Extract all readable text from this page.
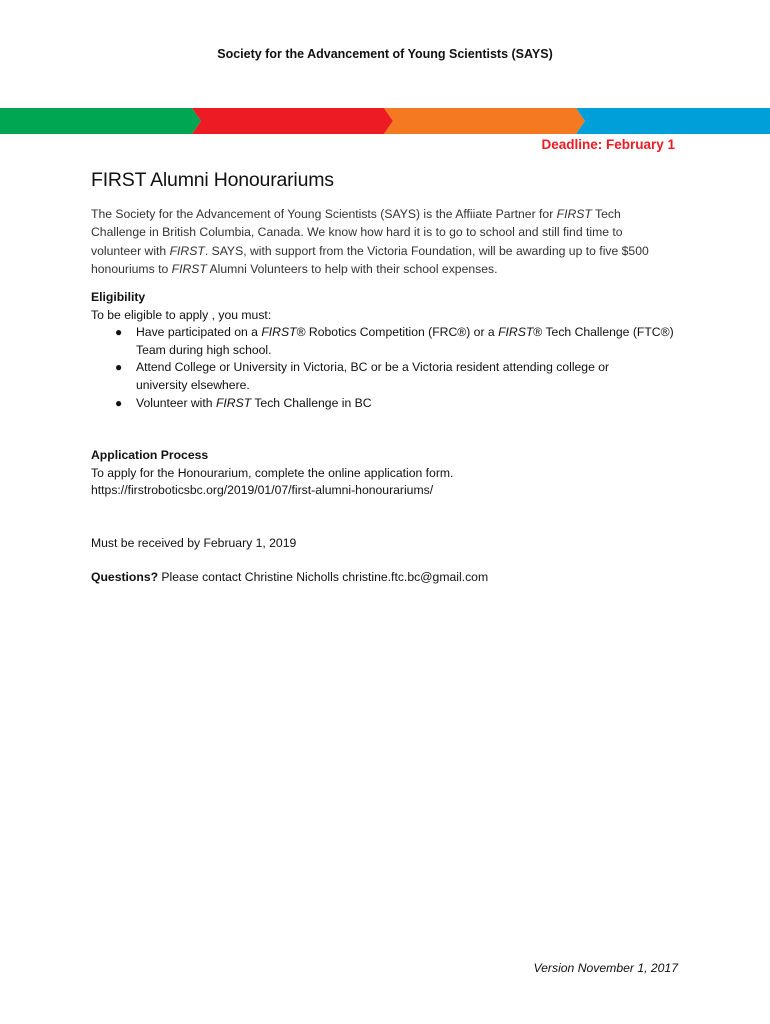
Society for the Advancement of Young Scientists (SAYS)
Deadline: February 1
FIRST Alumni Honourariums
The Society for the Advancement of Young Scientists (SAYS) is the Affiiate Partner for FIRST Tech
Challenge in British Columbia, Canada. We know how hard it is to go to school and still find time to
volunteer with FIRST. SAYS, with support from the Victoria Foundation, will be awarding up to five $500
honouriums to FIRST Alumni Volunteers to help with their school expenses.
Eligibility
To be eligible to apply , you must:
● Have participated on a FIRST® Robotics Competition (FRC®) or a FIRST® Tech Challenge (FTC®)
Team during high school.
● Attend College or University in Victoria, BC or be a Victoria resident attending college or
university elsewhere.
● Volunteer with FIRST Tech Challenge in BC
Application Process
To apply for the Honourarium, complete the online application form.
https://firstroboticsbc.org/2019/01/07/first-alumni-honourariums/
Must be received by February 1, 2019
Questions? Please contact Christine Nicholls christine.ftc.bc@gmail.com
Version November 1, 2017
